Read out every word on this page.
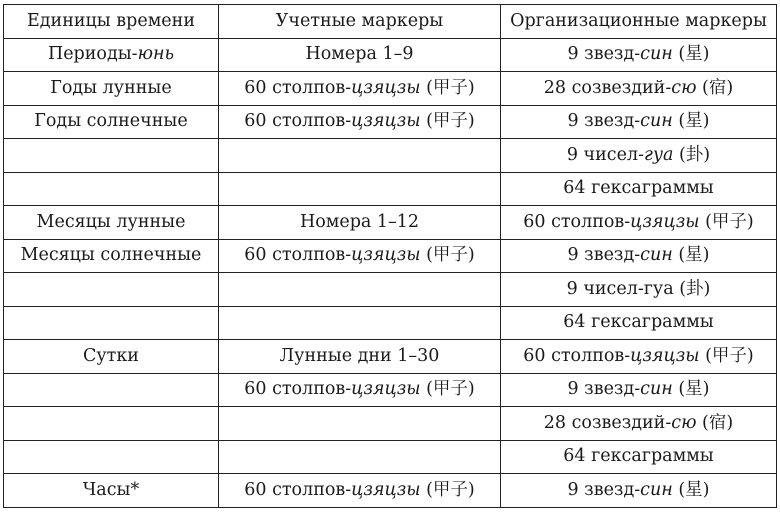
Единицы времени	Учетные маркеры	Организационные маркеры
Периоды-юнь	Номера 1–9	9 звезд-син (星)
Годы лунные	60 столпов-цзяцзы (甲子)	28 созвездий-сю (宿)
Годы солнечные	60 столпов-цзяцзы (甲子)	9 звезд-син (星)
		9 чисел-гуа (卦)
		64 гексаграммы
Месяцы лунные	Номера 1–12	60 столпов-цзяцзы (甲子)
Месяцы солнечные	60 столпов-цзяцзы (甲子)	9 звезд-син (星)
		9 чисел-гуа (卦)
		64 гексаграммы
Сутки	Лунные дни 1–30	60 столпов-цзяцзы (甲子)
	60 столпов-цзяцзы (甲子)	9 звезд-син (星)
		28 созвездий-сю (宿)
		64 гексаграммы
Часы*	60 столпов-цзяцзы (甲子)	9 звезд-син (星)
